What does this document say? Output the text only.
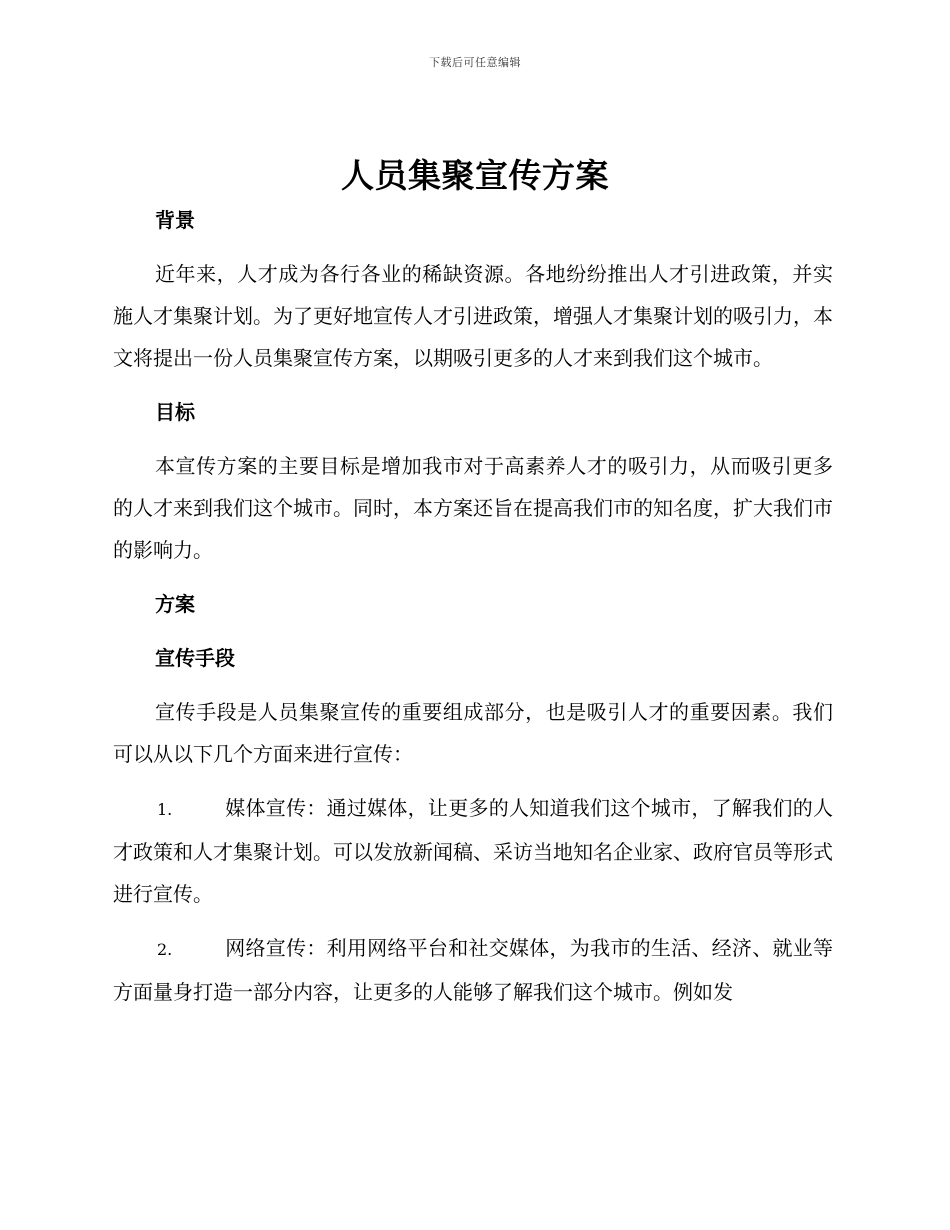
下载后可任意编辑
人员集聚宣传方案
背景

近年来，人才成为各行各业的稀缺资源。各地纷纷推出人才引进政策，并实施人才集聚计划。为了更好地宣传人才引进政策，增强人才集聚计划的吸引力，本文将提出一份人员集聚宣传方案，以期吸引更多的人才来到我们这个城市。

目标

本宣传方案的主要目标是增加我市对于高素养人才的吸引力，从而吸引更多的人才来到我们这个城市。同时，本方案还旨在提高我们市的知名度，扩大我们市的影响力。

方案
宣传手段

宣传手段是人员集聚宣传的重要组成部分，也是吸引人才的重要因素。我们可以从以下几个方面来进行宣传：

1.	媒体宣传：通过媒体，让更多的人知道我们这个城市，了解我们的人才政策和人才集聚计划。可以发放新闻稿、采访当地知名企业家、政府官员等形式进行宣传。

2.	网络宣传：利用网络平台和社交媒体，为我市的生活、经济、就业等方面量身打造一部分内容，让更多的人能够了解我们这个城市。例如发
